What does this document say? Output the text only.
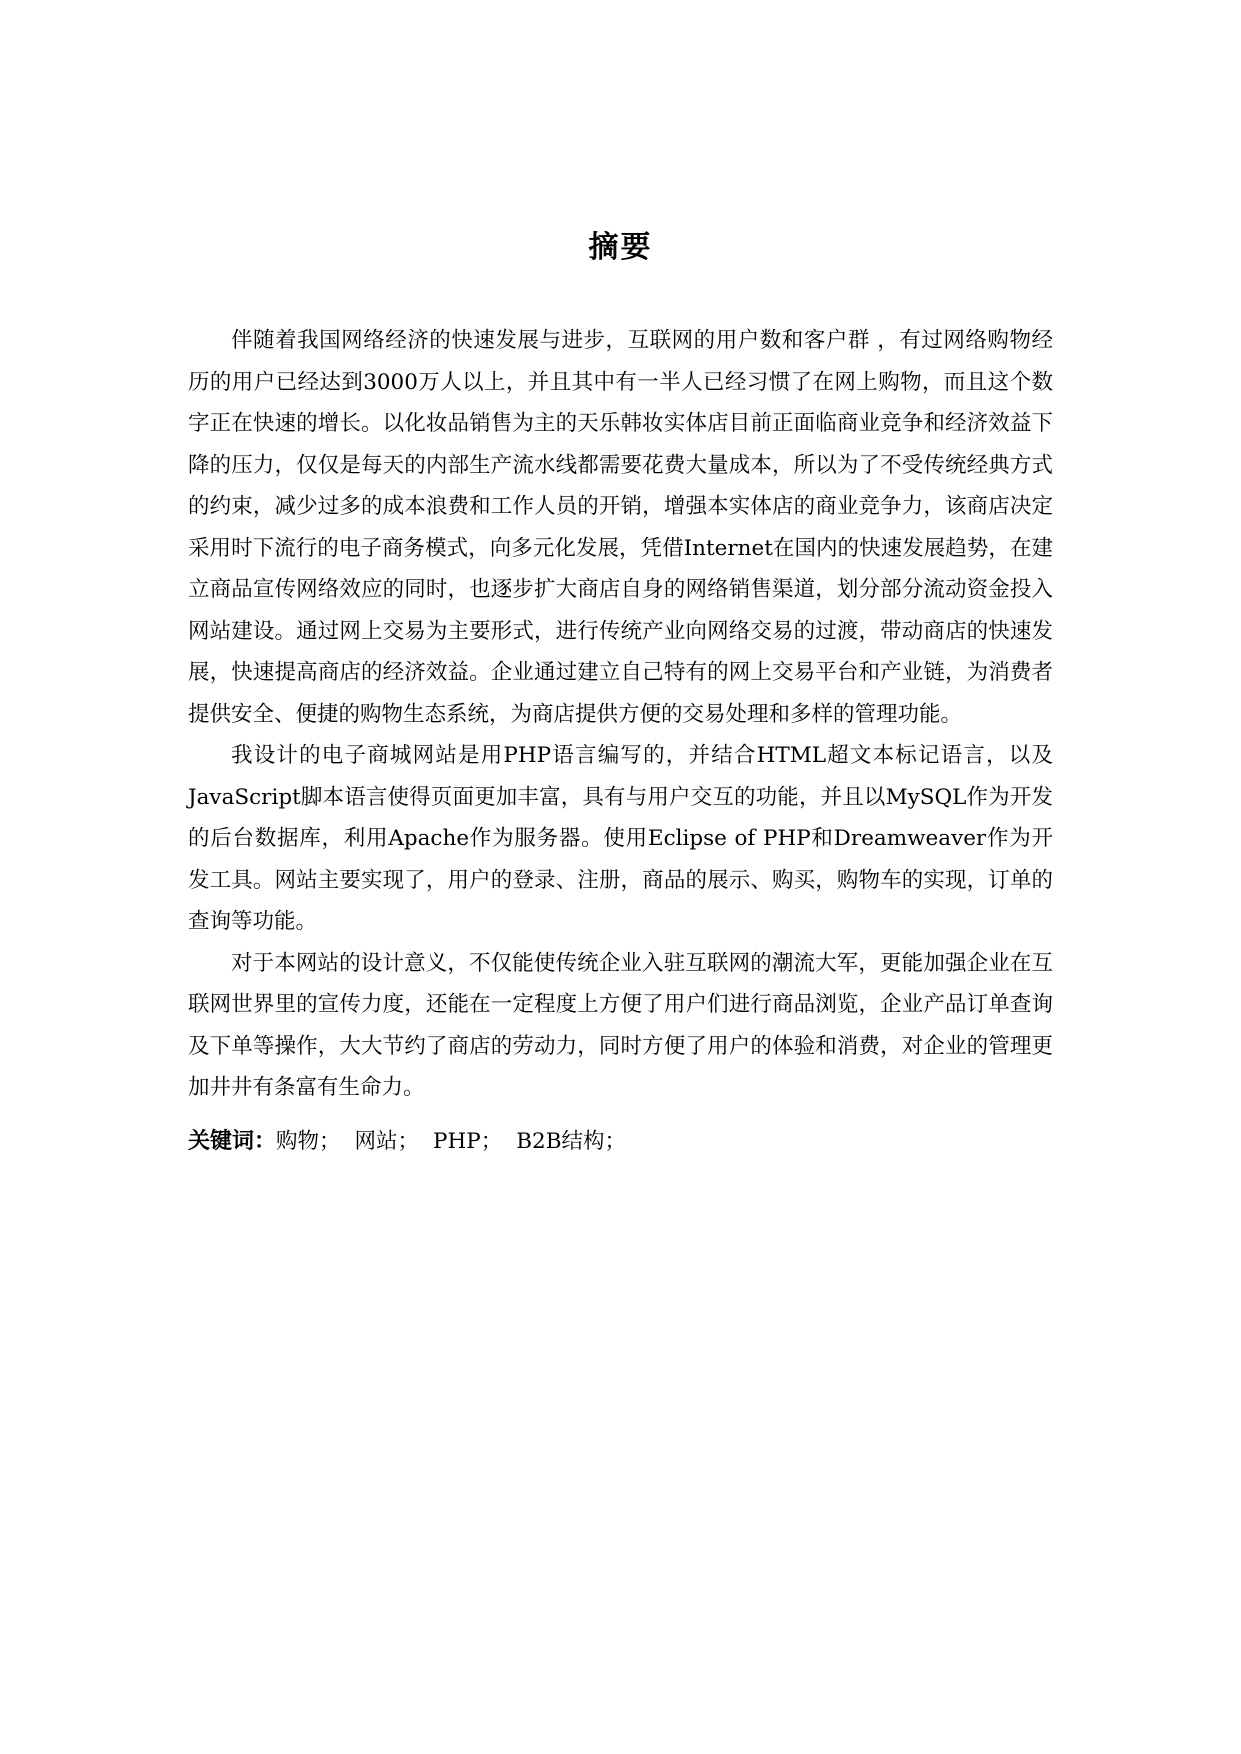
摘要

伴随着我国网络经济的快速发展与进步，互联网的用户数和客户群 ，有过网络购物经历的用户已经达到3000万人以上，并且其中有一半人已经习惯了在网上购物，而且这个数字正在快速的增长。以化妆品销售为主的天乐韩妆实体店目前正面临商业竞争和经济效益下降的压力，仅仅是每天的内部生产流水线都需要花费大量成本，所以为了不受传统经典方式的约束，减少过多的成本浪费和工作人员的开销，增强本实体店的商业竞争力，该商店决定采用时下流行的电子商务模式，向多元化发展，凭借Internet在国内的快速发展趋势，在建立商品宣传网络效应的同时，也逐步扩大商店自身的网络销售渠道，划分部分流动资金投入网站建设。通过网上交易为主要形式，进行传统产业向网络交易的过渡，带动商店的快速发展，快速提高商店的经济效益。企业通过建立自己特有的网上交易平台和产业链，为消费者提供安全、便捷的购物生态系统，为商店提供方便的交易处理和多样的管理功能。

我设计的电子商城网站是用PHP语言编写的，并结合HTML超文本标记语言，以及JavaScript脚本语言使得页面更加丰富，具有与用户交互的功能，并且以MySQL作为开发的后台数据库，利用Apache作为服务器。使用Eclipse of PHP和Dreamweaver作为开发工具。网站主要实现了，用户的登录、注册，商品的展示、购买，购物车的实现，订单的查询等功能。

对于本网站的设计意义，不仅能使传统企业入驻互联网的潮流大军，更能加强企业在互联网世界里的宣传力度，还能在一定程度上方便了用户们进行商品浏览，企业产品订单查询及下单等操作，大大节约了商店的劳动力，同时方便了用户的体验和消费，对企业的管理更加井井有条富有生命力。

关键词：购物； 网站； PHP； B2B结构；
